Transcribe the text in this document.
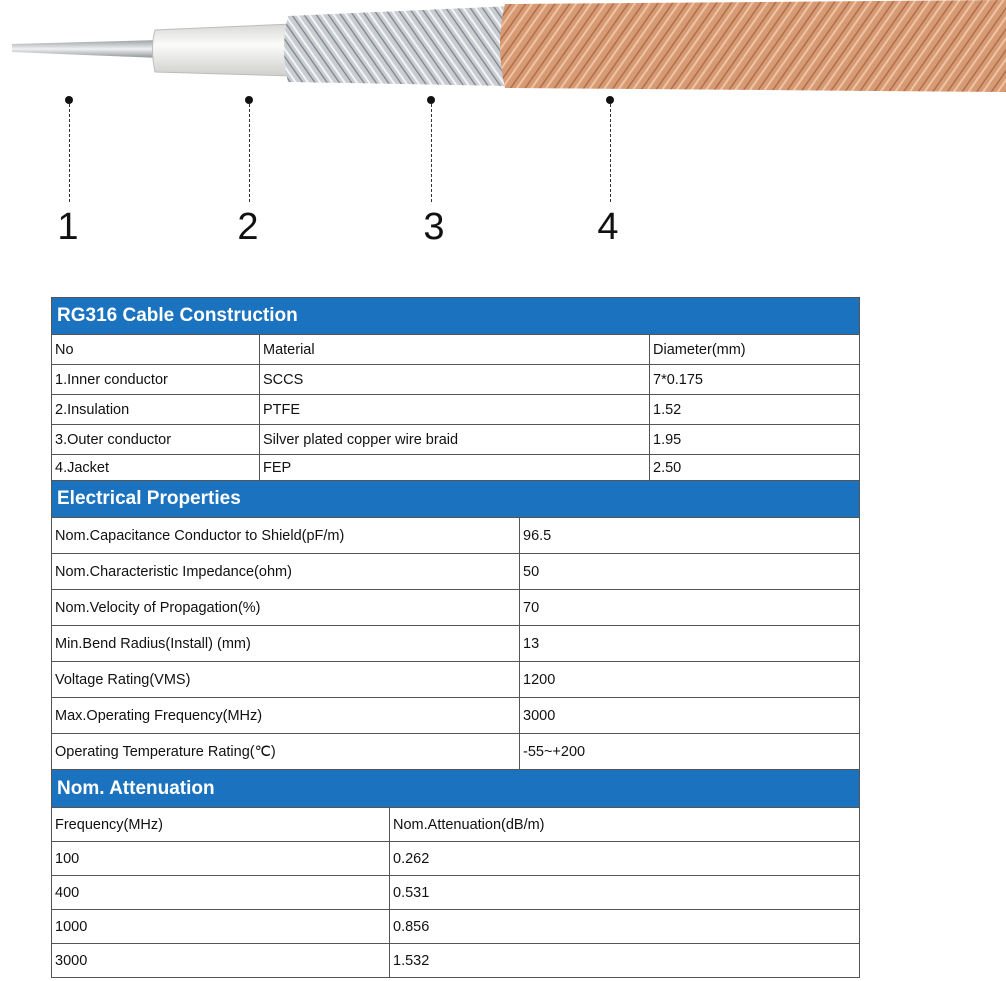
1	2	3	4
RG316 Cable Construction		
No	Material	Diameter(mm)
1.Inner conductor	SCCS	7*0.175
2.Insulation	PTFE	1.52
3.Outer conductor	Silver plated copper wire braid	1.95
4.Jacket	FEP	2.50
Electrical Properties	
Nom.Capacitance Conductor to Shield(pF/m)	96.5
Nom.Characteristic Impedance(ohm)	50
Nom.Velocity of Propagation(%)	70
Min.Bend Radius(Install) (mm)	13
Voltage Rating(VMS)	1200
Max.Operating Frequency(MHz)	3000
Operating Temperature Rating(℃)	-55~+200
Nom. Attenuation	
Frequency(MHz)	Nom.Attenuation(dB/m)
100	0.262
400	0.531
1000	0.856
3000	1.532
